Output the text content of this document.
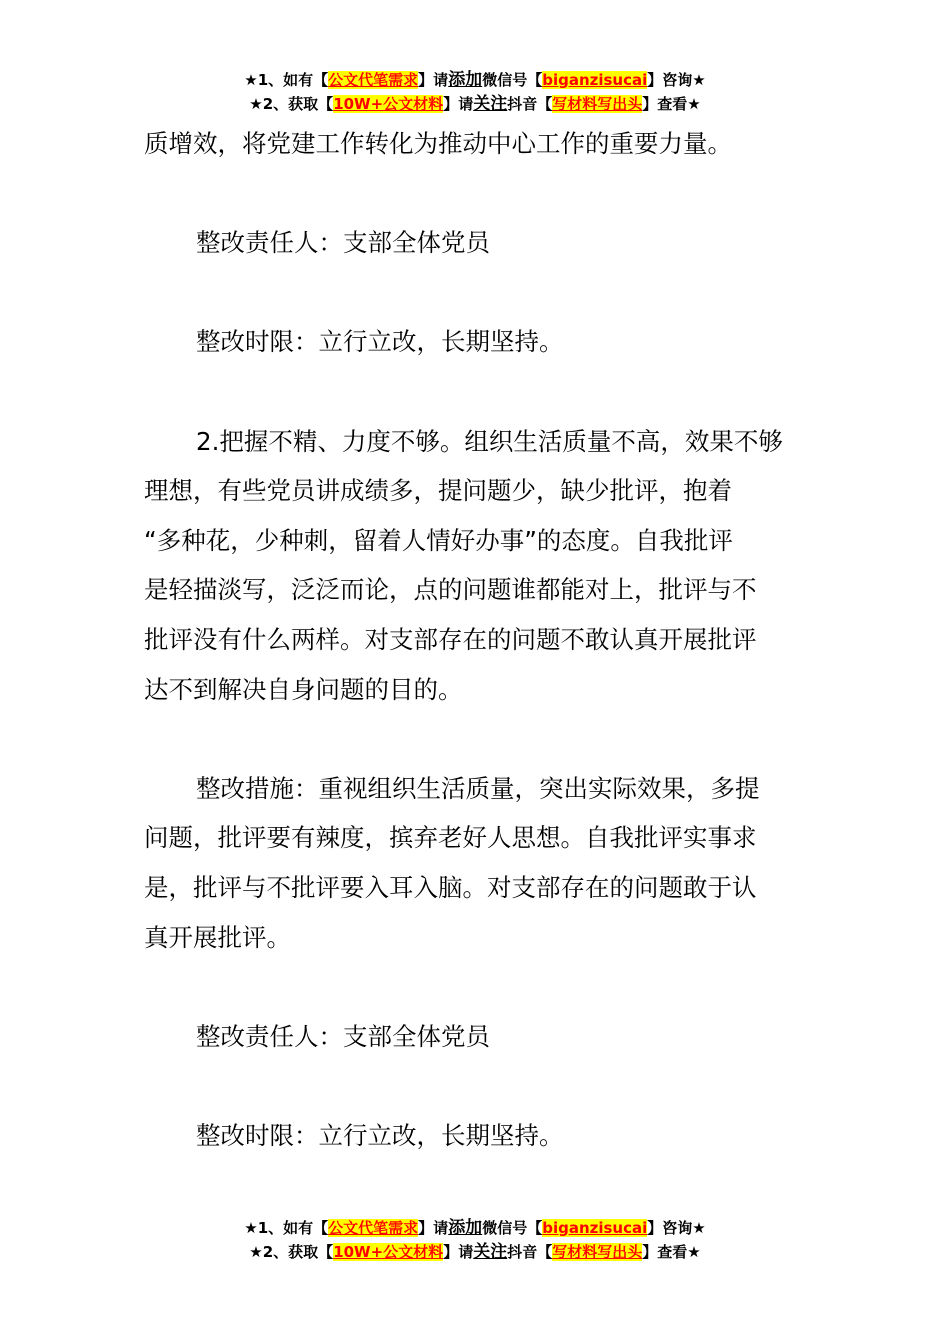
★1、如有【公文代笔需求】请添加微信号【biganzisucai】咨询★
★2、获取【10W+公文材料】请关注抖音【写材料写出头】查看★

质增效，将党建工作转化为推动中心工作的重要力量。

整改责任人：支部全体党员

整改时限：立行立改，长期坚持。

2.把握不精、力度不够。组织生活质量不高，效果不够

理想，有些党员讲成绩多，提问题少，缺少批评，抱着

“多种花，少种刺，留着人情好办事”的态度。自我批评

是轻描淡写，泛泛而论，点的问题谁都能对上，批评与不

批评没有什么两样。对支部存在的问题不敢认真开展批评

达不到解决自身问题的目的。

整改措施：重视组织生活质量，突出实际效果，多提

问题，批评要有辣度，摈弃老好人思想。自我批评实事求

是，批评与不批评要入耳入脑。对支部存在的问题敢于认

真开展批评。

整改责任人：支部全体党员

整改时限：立行立改，长期坚持。

★1、如有【公文代笔需求】请添加微信号【biganzisucai】咨询★
★2、获取【10W+公文材料】请关注抖音【写材料写出头】查看★
